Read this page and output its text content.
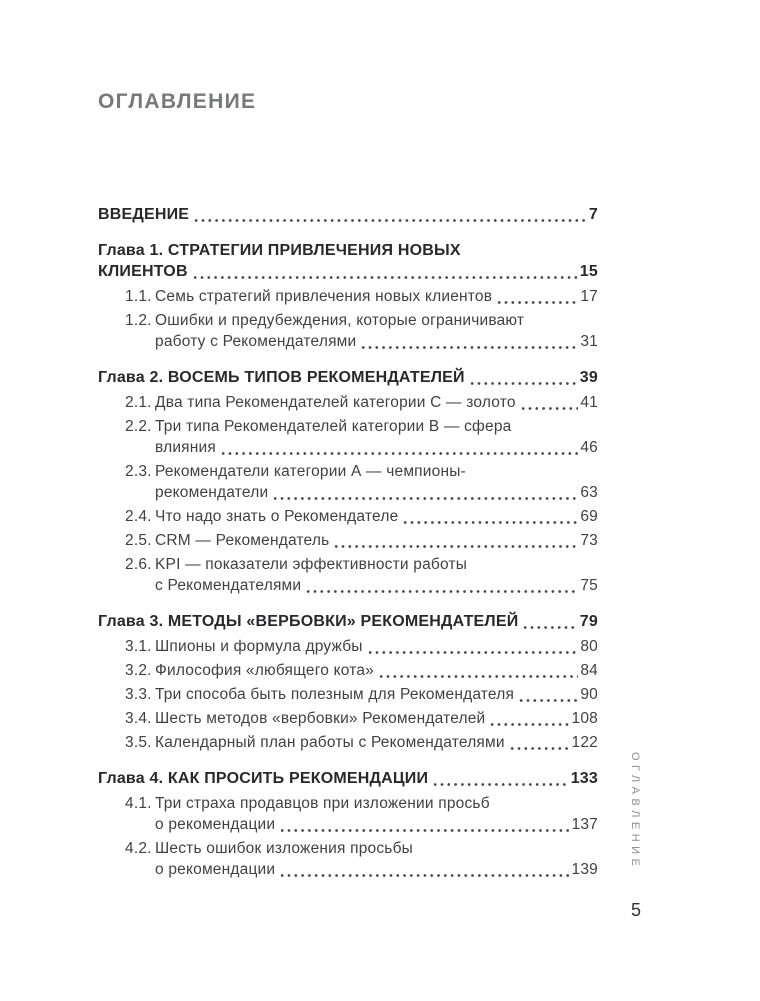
ОГЛАВЛЕНИЕ
ВВЕДЕНИЕ	7
Глава 1. СТРАТЕГИИ ПРИВЛЕЧЕНИЯ НОВЫХ
КЛИЕНТОВ	15
1.1. Семь стратегий привлечения новых клиентов	17
1.2. Ошибки и предубеждения, которые ограничивают
работу с Рекомендателями	31
Глава 2. ВОСЕМЬ ТИПОВ РЕКОМЕНДАТЕЛЕЙ	39
2.1. Два типа Рекомендателей категории С — золото	41
2.2. Три типа Рекомендателей категории В — сфера
влияния	46
2.3. Рекомендатели категории А — чемпионы-
рекомендатели	63
2.4. Что надо знать о Рекомендателе	69
2.5. CRM — Рекомендатель	73
2.6. KPI — показатели эффективности работы
с Рекомендателями	75
Глава 3. МЕТОДЫ «ВЕРБОВКИ» РЕКОМЕНДАТЕЛЕЙ	79
3.1. Шпионы и формула дружбы	80
3.2. Философия «любящего кота»	84
3.3. Три способа быть полезным для Рекомендателя	90
3.4. Шесть методов «вербовки» Рекомендателей	108
3.5. Календарный план работы с Рекомендателями	122
Глава 4. КАК ПРОСИТЬ РЕКОМЕНДАЦИИ	133
4.1. Три страха продавцов при изложении просьб
о рекомендации	137
4.2. Шесть ошибок изложения просьбы
о рекомендации	139	ОГЛАВЛЕНИЕ
5
